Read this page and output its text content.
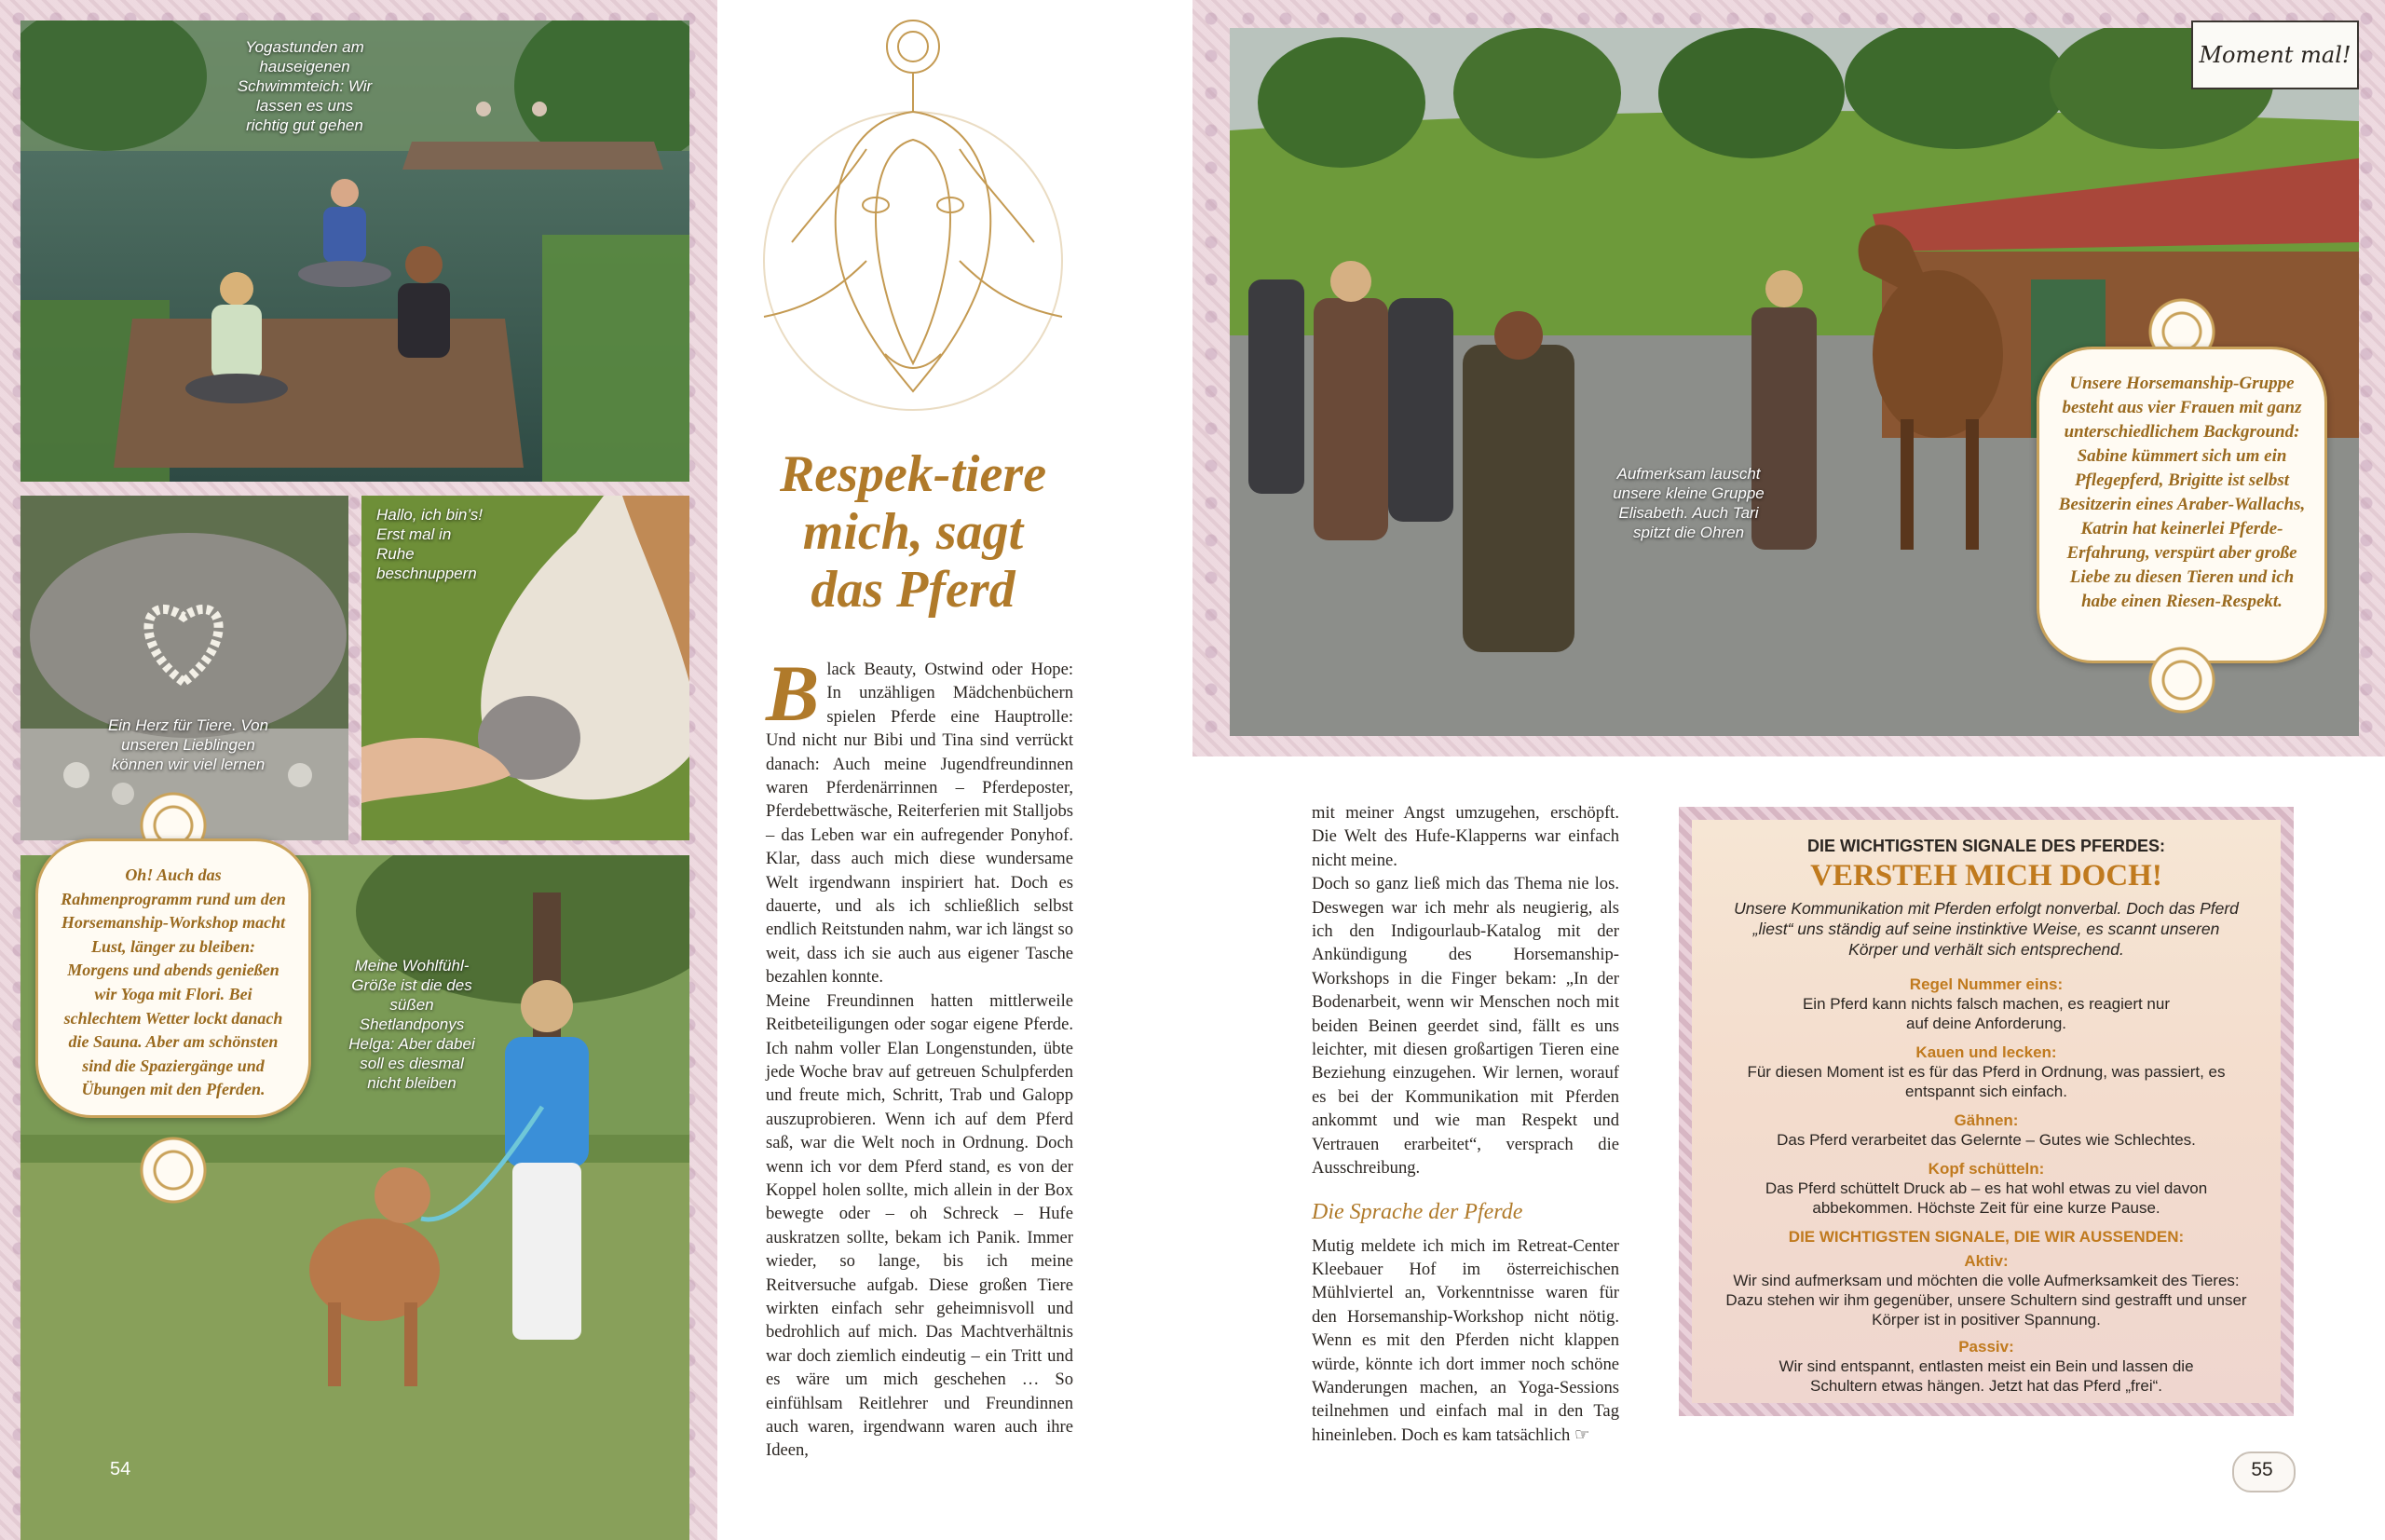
Yogastunden am hauseigenen Schwimmteich: Wir lassen es uns richtig gut gehen
Ein Herz für Tiere. Von unseren Lieblingen können wir viel lernen
Hallo, ich bin’s! Erst mal in Ruhe beschnuppern
Meine Wohlfühl-Größe ist die des süßen Shetlandponys Helga: Aber dabei soll es diesmal nicht bleiben
54
Oh! Auch das Rahmenprogramm rund um den Horsemanship-Workshop macht Lust, länger zu bleiben: Morgens und abends genießen wir Yoga mit Flori. Bei schlechtem Wetter lockt danach die Sauna. Aber am schönsten sind die Spaziergänge und Übungen mit den Pferden.
Respek-tiere
mich, sagt
das Pferd
B lack Beauty, Ostwind oder Hope: In unzähligen Mädchenbüchern spielen Pferde eine Hauptrolle: Und nicht nur Bibi und Tina sind verrückt danach: Auch meine Jugendfreundinnen waren Pferdenärrinnen – Pferdeposter, Pferdebettwäsche, Reiterferien mit Stalljobs – das Leben war ein aufregender Ponyhof. Klar, dass auch mich diese wundersame Welt irgendwann inspiriert hat. Doch es dauerte, und als ich schließlich selbst endlich Reitstunden nahm, war ich längst so weit, dass ich sie auch aus eigener Tasche bezahlen konnte.

Meine Freundinnen hatten mittlerweile Reitbeteiligungen oder sogar eigene Pferde. Ich nahm voller Elan Longenstunden, übte jede Woche brav auf getreuen Schulpferden und freute mich, Schritt, Trab und Galopp auszuprobieren. Wenn ich auf dem Pferd saß, war die Welt noch in Ordnung. Doch wenn ich vor dem Pferd stand, es von der Koppel holen sollte, mich allein in der Box bewegte oder – oh Schreck – Hufe auskratzen sollte, bekam ich Panik. Immer wieder, so lange, bis ich meine Reitversuche aufgab. Diese großen Tiere wirkten einfach sehr geheimnisvoll und bedrohlich auf mich. Das Machtverhältnis war doch ziemlich eindeutig – ein Tritt und es wäre um mich geschehen … So einfühlsam Reitlehrer und Freundinnen auch waren, irgendwann waren auch ihre Ideen,

Aufmerksam lauscht unsere kleine Gruppe Elisabeth. Auch Tari spitzt die Ohren
Moment mal!
Unsere Horsemanship-Gruppe besteht aus vier Frauen mit ganz unterschiedlichem Background: Sabine kümmert sich um ein Pflegepferd, Brigitte ist selbst Besitzerin eines Araber-Wallachs, Katrin hat keinerlei Pferde-Erfahrung, verspürt aber große Liebe zu diesen Tieren und ich habe einen Riesen-Respekt.

mit meiner Angst umzugehen, erschöpft. Die Welt des Hufe-Klapperns war einfach nicht meine.

Doch so ganz ließ mich das Thema nie los. Deswegen war ich mehr als neugierig, als ich den Indigourlaub-Katalog mit der Ankündigung des Horsemanship-Workshops in die Finger bekam: „In der Bodenarbeit, wenn wir Menschen noch mit beiden Beinen geerdet sind, fällt es uns leichter, mit diesen großartigen Tieren eine Beziehung einzugehen. Wir lernen, worauf es bei der Kommunikation mit Pferden ankommt und wie man Respekt und Vertrauen erarbeitet“, versprach die Ausschreibung.

Die Sprache der Pferde

Mutig meldete ich mich im Retreat-Center Kleebauer Hof im österreichischen Mühlviertel an, Vorkenntnisse waren für den Horsemanship-Workshop nicht nötig. Wenn es mit den Pferden nicht klappen würde, könnte ich dort immer noch schöne Wanderungen machen, an Yoga-Sessions teilnehmen und einfach mal in den Tag hineinleben. Doch es kam tatsächlich ☞

DIE WICHTIGSTEN SIGNALE DES PFERDES:
VERSTEH MICH DOCH!
Unsere Kommunikation mit Pferden erfolgt nonverbal. Doch das Pferd „liest“ uns ständig auf seine instinktive Weise, es scannt unseren Körper und verhält sich entsprechend.
Regel Nummer eins:
Ein Pferd kann nichts falsch machen, es reagiert nur auf deine Anforderung.
Kauen und lecken:
Für diesen Moment ist es für das Pferd in Ordnung, was passiert, es entspannt sich einfach.
Gähnen:
Das Pferd verarbeitet das Gelernte – Gutes wie Schlechtes.
Kopf schütteln:
Das Pferd schüttelt Druck ab – es hat wohl etwas zu viel davon abbekommen. Höchste Zeit für eine kurze Pause.
DIE WICHTIGSTEN SIGNALE, DIE WIR AUSSENDEN:
Aktiv:
Wir sind aufmerksam und möchten die volle Aufmerksamkeit des Tieres: Dazu stehen wir ihm gegenüber, unsere Schultern sind gestrafft und unser Körper ist in positiver Spannung.
Passiv:
Wir sind entspannt, entlasten meist ein Bein und lassen die Schultern etwas hängen. Jetzt hat das Pferd „frei“.
55
